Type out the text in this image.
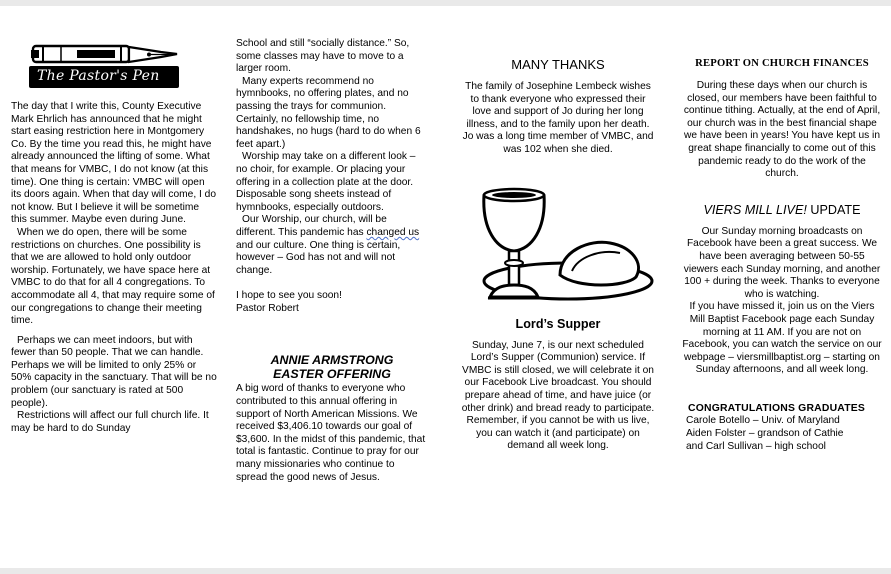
The Pastor's Pen

The day that I write this, County Executive Mark Ehrlich has announced that he might start easing restriction here in Montgomery Co. By the time you read this, he might have already announced the lifting of some. What that means for VMBC, I do not know (at this time). One thing is certain: VMBC will open its doors again. When that day will come, I do not know. But I believe it will be sometime this summer. Maybe even during June.

When we do open, there will be some restrictions on churches. One possibility is that we are allowed to hold only outdoor worship. Fortunately, we have space here at VMBC to do that for all 4 congregations. To accommodate all 4, that may require some of our congregations to change their meeting time.

Perhaps we can meet indoors, but with fewer than 50 people. That we can handle. Perhaps we will be limited to only 25% or 50% capacity in the sanctuary. That will be no problem (our sanctuary is rated at 500 people).

Restrictions will affect our full church life. It may be hard to do Sunday

School and still “socially distance.” So, some classes may have to move to a larger room.

Many experts recommend no hymnbooks, no offering plates, and no passing the trays for communion. Certainly, no fellowship time, no handshakes, no hugs (hard to do when 6 feet apart.)

Worship may take on a different look – no choir, for example. Or placing your offering in a collection plate at the door. Disposable song sheets instead of hymnbooks, especially outdoors.

Our Worship, our church, will be different. This pandemic has changed us and our culture. One thing is certain, however – God has not and will not change.

I hope to see you soon!

Pastor Robert

ANNIE ARMSTRONG
EASTER OFFERING

A big word of thanks to everyone who contributed to this annual offering in support of North American Missions. We received $3,406.10 towards our goal of $3,600. In the midst of this pandemic, that total is fantastic. Continue to pray for our many missionaries who continue to spread the good news of Jesus.

MANY THANKS

The family of Josephine Lembeck wishes to thank everyone who expressed their love and support of Jo during her long illness, and to the family upon her death. Jo was a long time member of VMBC, and was 102 when she died.

Lord’s Supper

Sunday, June 7, is our next scheduled Lord’s Supper (Communion) service. If VMBC is still closed, we will celebrate it on our Facebook Live broadcast. You should prepare ahead of time, and have juice (or other drink) and bread ready to participate. Remember, if you cannot be with us live, you can watch it (and participate) on demand all week long.

REPORT ON CHURCH FINANCES

During these days when our church is closed, our members have been faithful to continue tithing. Actually, at the end of April, our church was in the best financial shape we have been in years! You have kept us in great shape financially to come out of this pandemic ready to do the work of the church.

VIERS MILL LIVE! UPDATE

Our Sunday morning broadcasts on Facebook have been a great success. We have been averaging between 50-55 viewers each Sunday morning, and another 100 + during the week. Thanks to everyone who is watching.

If you have missed it, join us on the Viers Mill Baptist Facebook page each Sunday morning at 11 AM. If you are not on Facebook, you can watch the service on our webpage – viersmillbaptist.org – starting on Sunday afternoons, and all week long.

CONGRATULATIONS GRADUATES
Carole Botello – Univ. of Maryland
Aiden Folster – grandson of Cathie
and Carl Sullivan – high school
